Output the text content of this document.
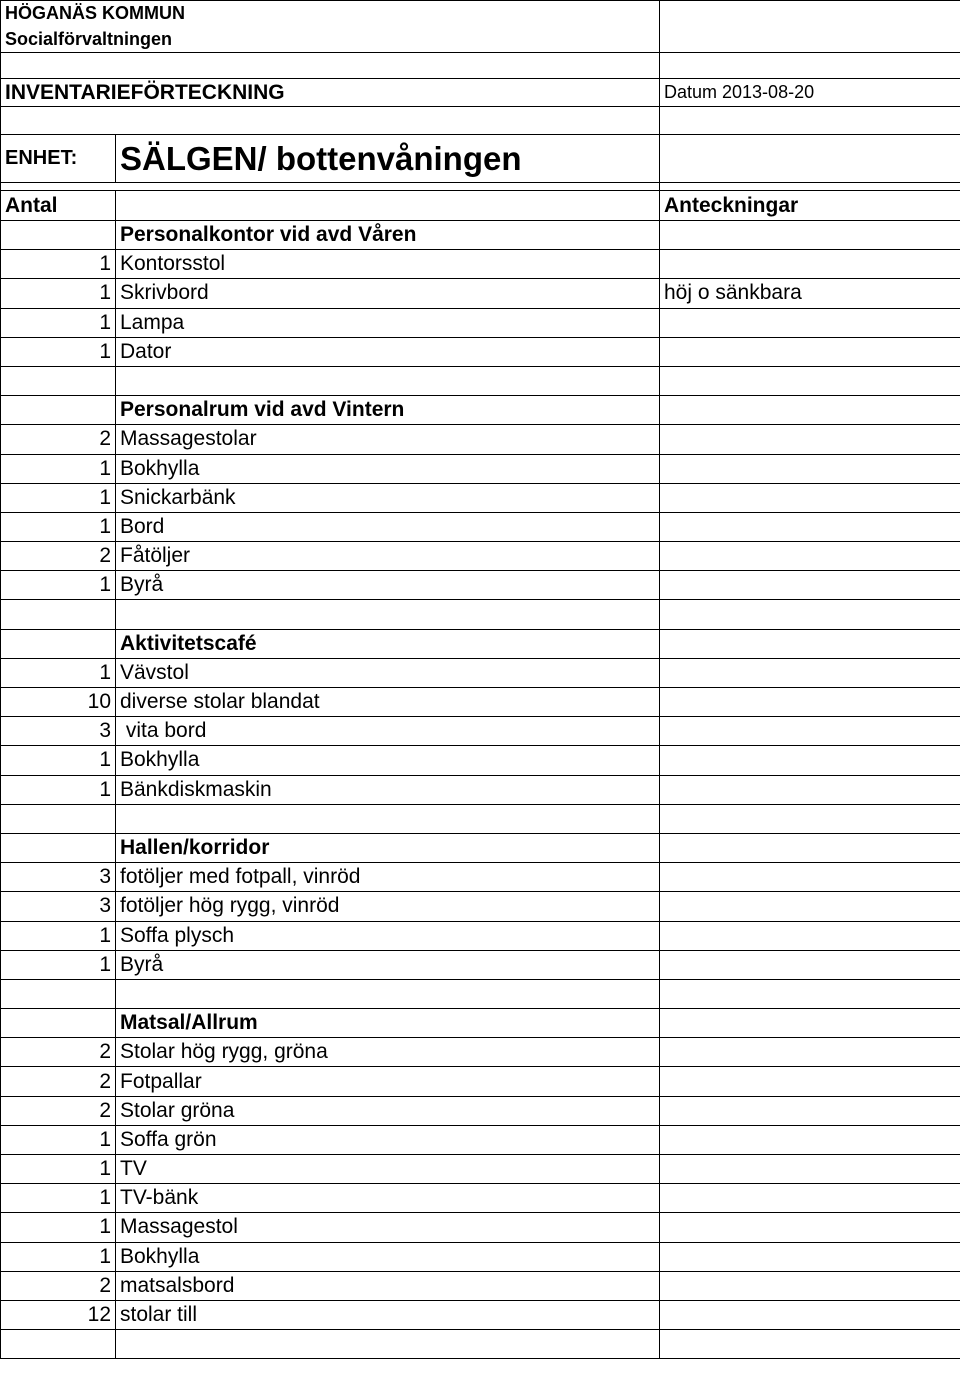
HÖGANÄS KOMMUN		
Socialförvaltningen		

INVENTARIEFÖRTECKNING		Datum 2013-08-20

ENHET:	SÄLGEN/ bottenvåningen	

Antal		Anteckningar
	Personalkontor vid avd Våren	
1	Kontorsstol	
1	Skrivbord	höj o sänkbara
1	Lampa	
1	Dator	

	Personalrum vid avd Vintern	
2	Massagestolar	
1	Bokhylla	
1	Snickarbänk	
1	Bord	
2	Fåtöljer	
1	Byrå	

	Aktivitetscafé	
1	Vävstol	
10	diverse stolar blandat	
3	vita bord	
1	Bokhylla	
1	Bänkdiskmaskin	

	Hallen/korridor	
3	fotöljer med fotpall, vinröd	
3	fotöljer hög rygg, vinröd	
1	Soffa plysch	
1	Byrå	

	Matsal/Allrum	
2	Stolar hög rygg, gröna	
2	Fotpallar	
2	Stolar gröna	
1	Soffa grön	
1	TV	
1	TV-bänk	
1	Massagestol	
1	Bokhylla	
2	matsalsbord	
12	stolar till	
